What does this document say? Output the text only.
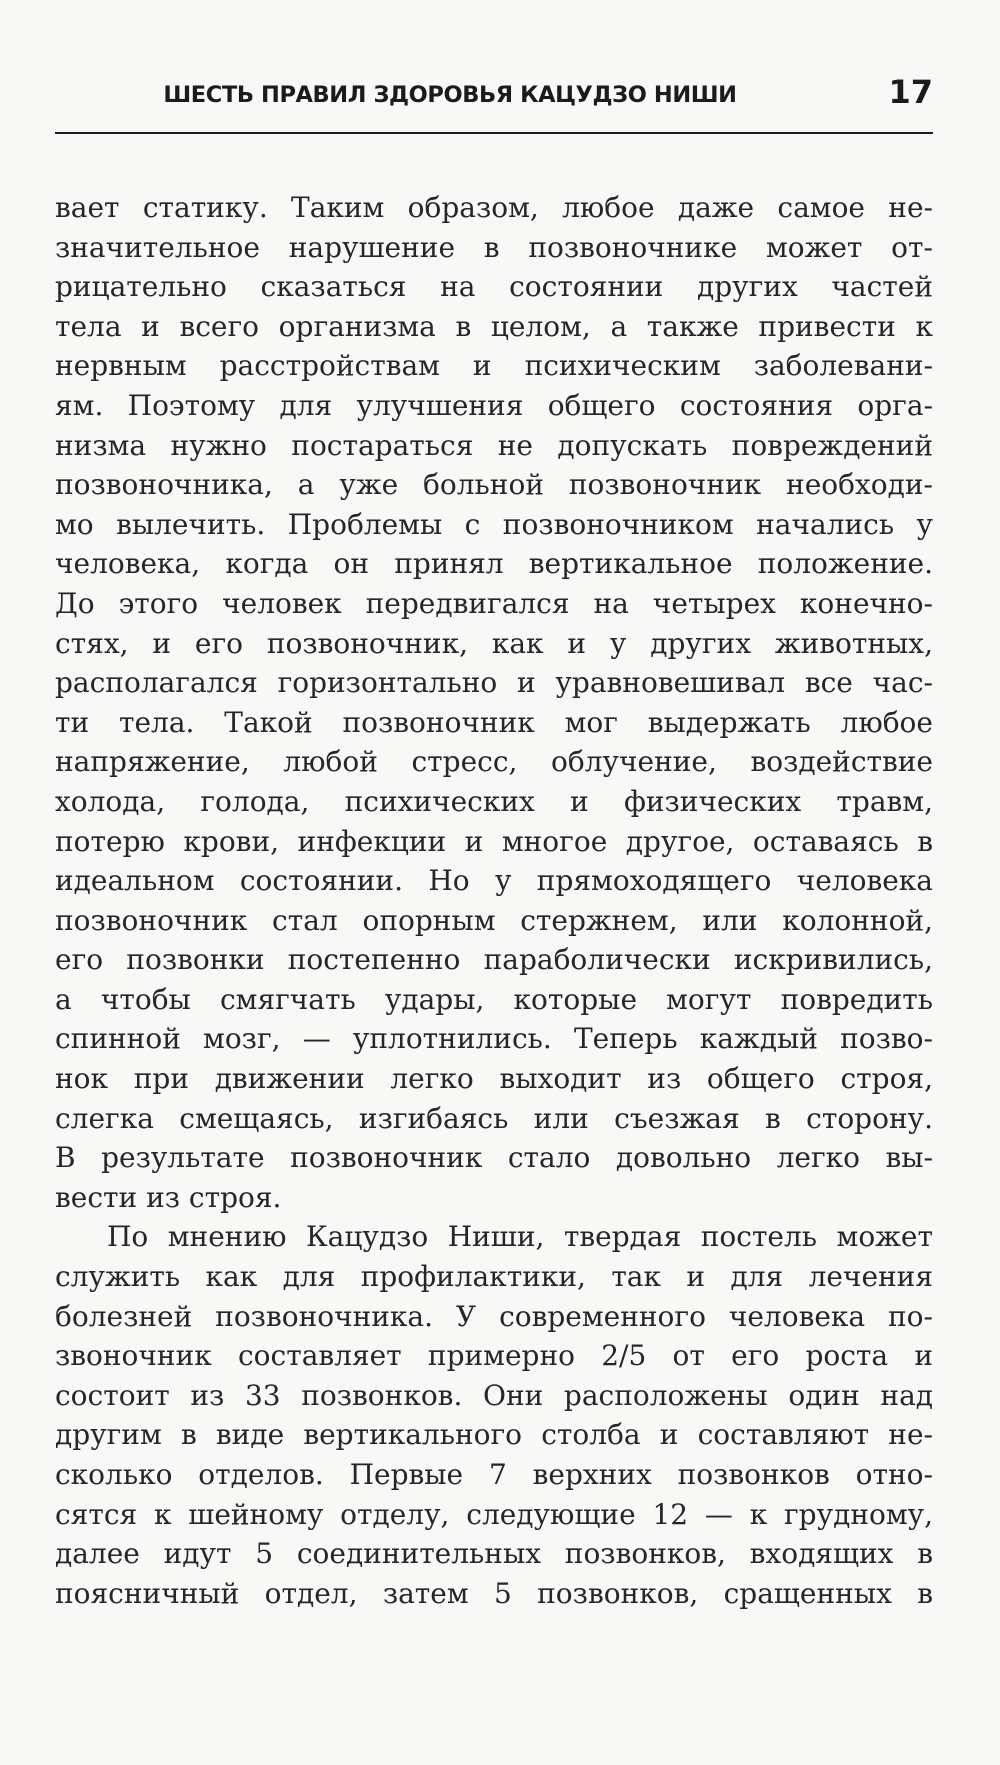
ШЕСТЬ ПРАВИЛ ЗДОРОВЬЯ КАЦУДЗО НИШИ	17
вает статику. Таким образом, любое даже самое не-
значительное нарушение в позвоночнике может от-
рицательно сказаться на состоянии других частей
тела и всего организма в целом, а также привести к
нервным расстройствам и психическим заболевани-
ям. Поэтому для улучшения общего состояния орга-
низма нужно постараться не допускать повреждений
позвоночника, а уже больной позвоночник необходи-
мо вылечить. Проблемы с позвоночником начались у
человека, когда он принял вертикальное положение.
До этого человек передвигался на четырех конечно-
стях, и его позвоночник, как и у других животных,
располагался горизонтально и уравновешивал все час-
ти тела. Такой позвоночник мог выдержать любое
напряжение, любой стресс, облучение, воздействие
холода, голода, психических и физических травм,
потерю крови, инфекции и многое другое, оставаясь в
идеальном состоянии. Но у прямоходящего человека
позвоночник стал опорным стержнем, или колонной,
его позвонки постепенно параболически искривились,
а чтобы смягчать удары, которые могут повредить
спинной мозг, — уплотнились. Теперь каждый позво-
нок при движении легко выходит из общего строя,
слегка смещаясь, изгибаясь или съезжая в сторону.
В результате позвоночник стало довольно легко вы-
вести из строя.
По мнению Кацудзо Ниши, твердая постель может
служить как для профилактики, так и для лечения
болезней позвоночника. У современного человека по-
звоночник составляет примерно 2/5 от его роста и
состоит из 33 позвонков. Они расположены один над
другим в виде вертикального столба и составляют не-
сколько отделов. Первые 7 верхних позвонков отно-
сятся к шейному отделу, следующие 12 — к грудному,
далее идут 5 соединительных позвонков, входящих в
поясничный отдел, затем 5 позвонков, сращенных в
